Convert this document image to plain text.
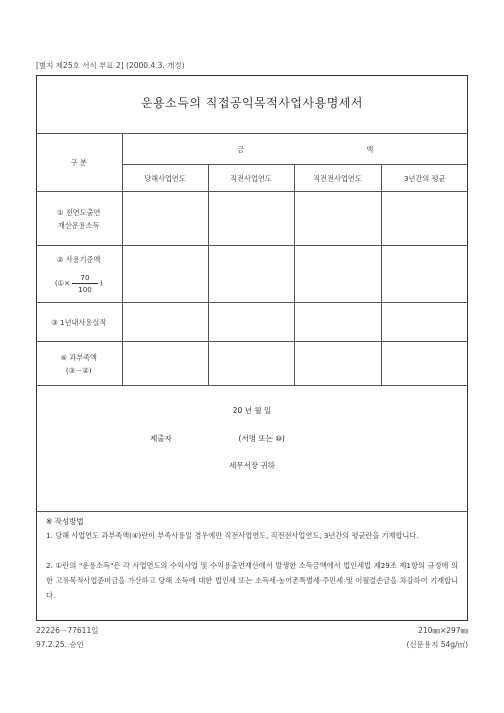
[별지 제25호 서식 부표 2] (2000.4.3. 개정)
운용소득의 직접공익목적사업사용명세서
구 분	금 액			
	당해사업연도	직전사업연도	직전전사업연도	3년간의 평균

① 전연도출연
재산운용소득				

② 사용기준액
(①× $\frac{70}{100}$ )				

③ 1년내사용실적				

④ 과부족액
(③－②)				

20 년 월 일
제출자	(서명 또는 ⑩)
세무서장 귀하
※ 작성방법
1. 당해 사업연도 과부족액(④)란이 부족사용일 경우에만 직전사업연도, 직전전사업연도, 3년간의 평균란을 기재합니다.
2. ①란의 "운용소득"은 각 사업연도의 수익사업 및 수익용출연재산에서 발생한 소득금액에서 법인세법 제29조 제1항의 규정에 의한 고유목적사업준비금을 가산하고 당해 소득에 대한 법인세 또는 소득세·농어촌특별세·주민세 및 이월결손금을 차감하여 기재합니다.
22226－77611일
97.2.25. 승인
210㎜×297㎜
(신문용지 54g/㎡)
